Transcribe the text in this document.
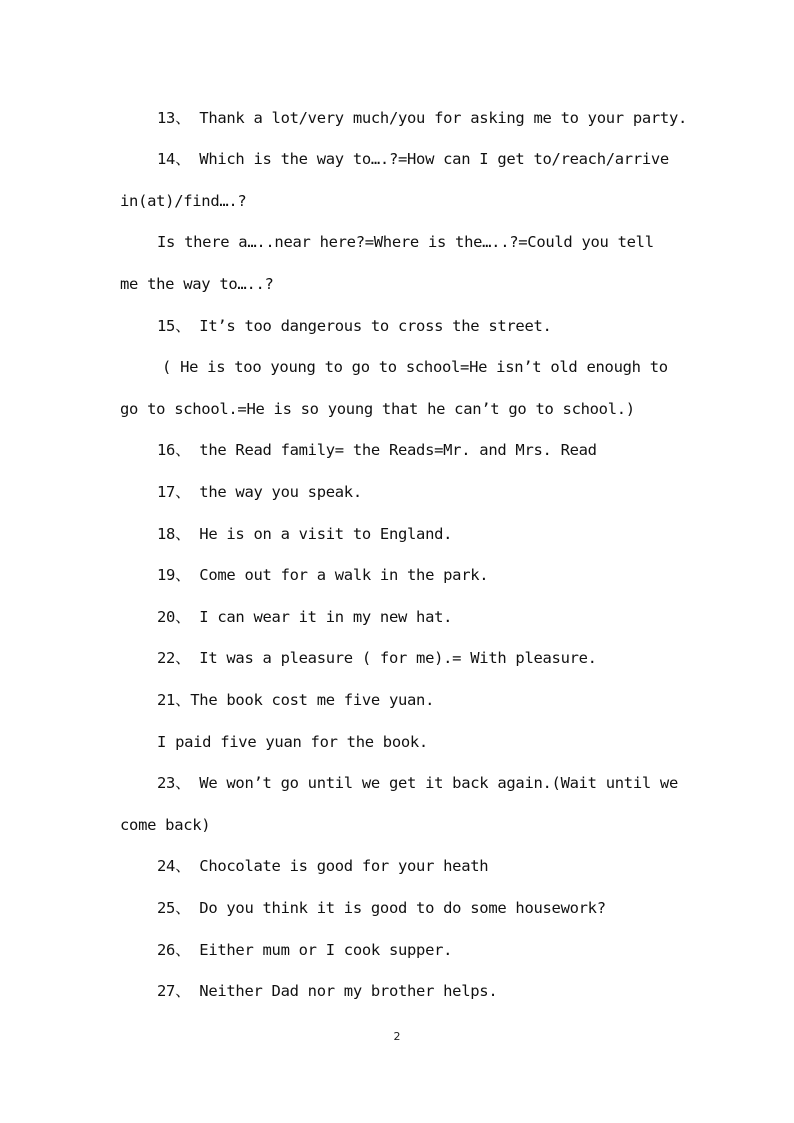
13、 Thank a lot/very much/you for asking me to your party.
14、 Which is the way to….?=How can I get to/reach/arrive
in(at)/find….?
Is there a…..near here?=Where is the…..?=Could you tell
me the way to…..?
15、 It’s too dangerous to cross the street.
( He is too young to go to school=He isn’t old enough to
go to school.=He is so young that he can’t go to school.)
16、 the Read family= the Reads=Mr. and Mrs. Read
17、 the way you speak.
18、 He is on a visit to England.
19、 Come out for a walk in the park.
20、 I can wear it in my new hat.
22、 It was a pleasure ( for me).= With pleasure.
21、The book cost me five yuan.
I paid five yuan for the book.
23、 We won’t go until we get it back again.(Wait until we
come back)
24、 Chocolate is good for your heath
25、 Do you think it is good to do some housework?
26、 Either mum or I cook supper.
27、 Neither Dad nor my brother helps.
2
